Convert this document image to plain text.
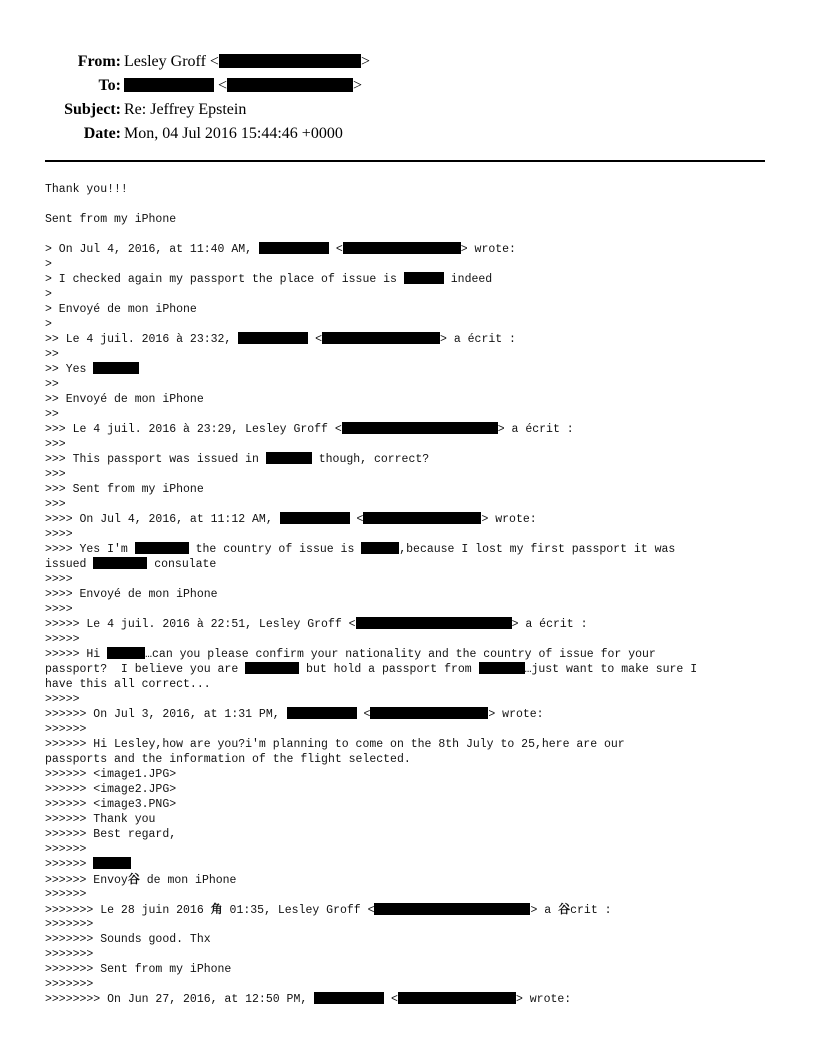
From: Lesley Groff <	>
To:	<	>
Subject: Re: Jeffrey Epstein
Date: Mon, 04 Jul 2016 15:44:46 +0000
Thank you!!!
Sent from my iPhone
> On Jul 4, 2016, at 11:40 AM,	<	> wrote:
>
> I checked again my passport the place of issue is	indeed
>
> Envoyé de mon iPhone
>
>> Le 4 juil. 2016 à 23:32,	<	> a écrit :
>>
>> Yes
>>
>> Envoyé de mon iPhone
>>
>>> Le 4 juil. 2016 à 23:29, Lesley Groff <	> a écrit :
>>>
>>> This passport was issued in	though, correct?
>>>
>>> Sent from my iPhone
>>>
>>>> On Jul 4, 2016, at 11:12 AM,	<	> wrote:
>>>>
>>>> Yes I'm	the country of issue is	,because I lost my first passport it was
issued	consulate
>>>>
>>>> Envoyé de mon iPhone
>>>>
>>>>> Le 4 juil. 2016 à 22:51, Lesley Groff <	> a écrit :
>>>>>
>>>>> Hi	…can you please confirm your nationality and the country of issue for your
passport?  I believe you are	but hold a passport from	…just want to make sure I
have this all correct...
>>>>>
>>>>>> On Jul 3, 2016, at 1:31 PM,	<	> wrote:
>>>>>>
>>>>>> Hi Lesley,how are you?i'm planning to come on the 8th July to 25,here are our
passports and the information of the flight selected.
>>>>>> <image1.JPG>
>>>>>> <image2.JPG>
>>>>>> <image3.PNG>
>>>>>> Thank you
>>>>>> Best regard,
>>>>>>
>>>>>>
>>>>>> Envoy谷 de mon iPhone
>>>>>>
>>>>>>> Le 28 juin 2016 角 01:35, Lesley Groff <	> a 谷crit :
>>>>>>>
>>>>>>> Sounds good. Thx
>>>>>>>
>>>>>>> Sent from my iPhone
>>>>>>>
>>>>>>>> On Jun 27, 2016, at 12:50 PM,	<	> wrote:
